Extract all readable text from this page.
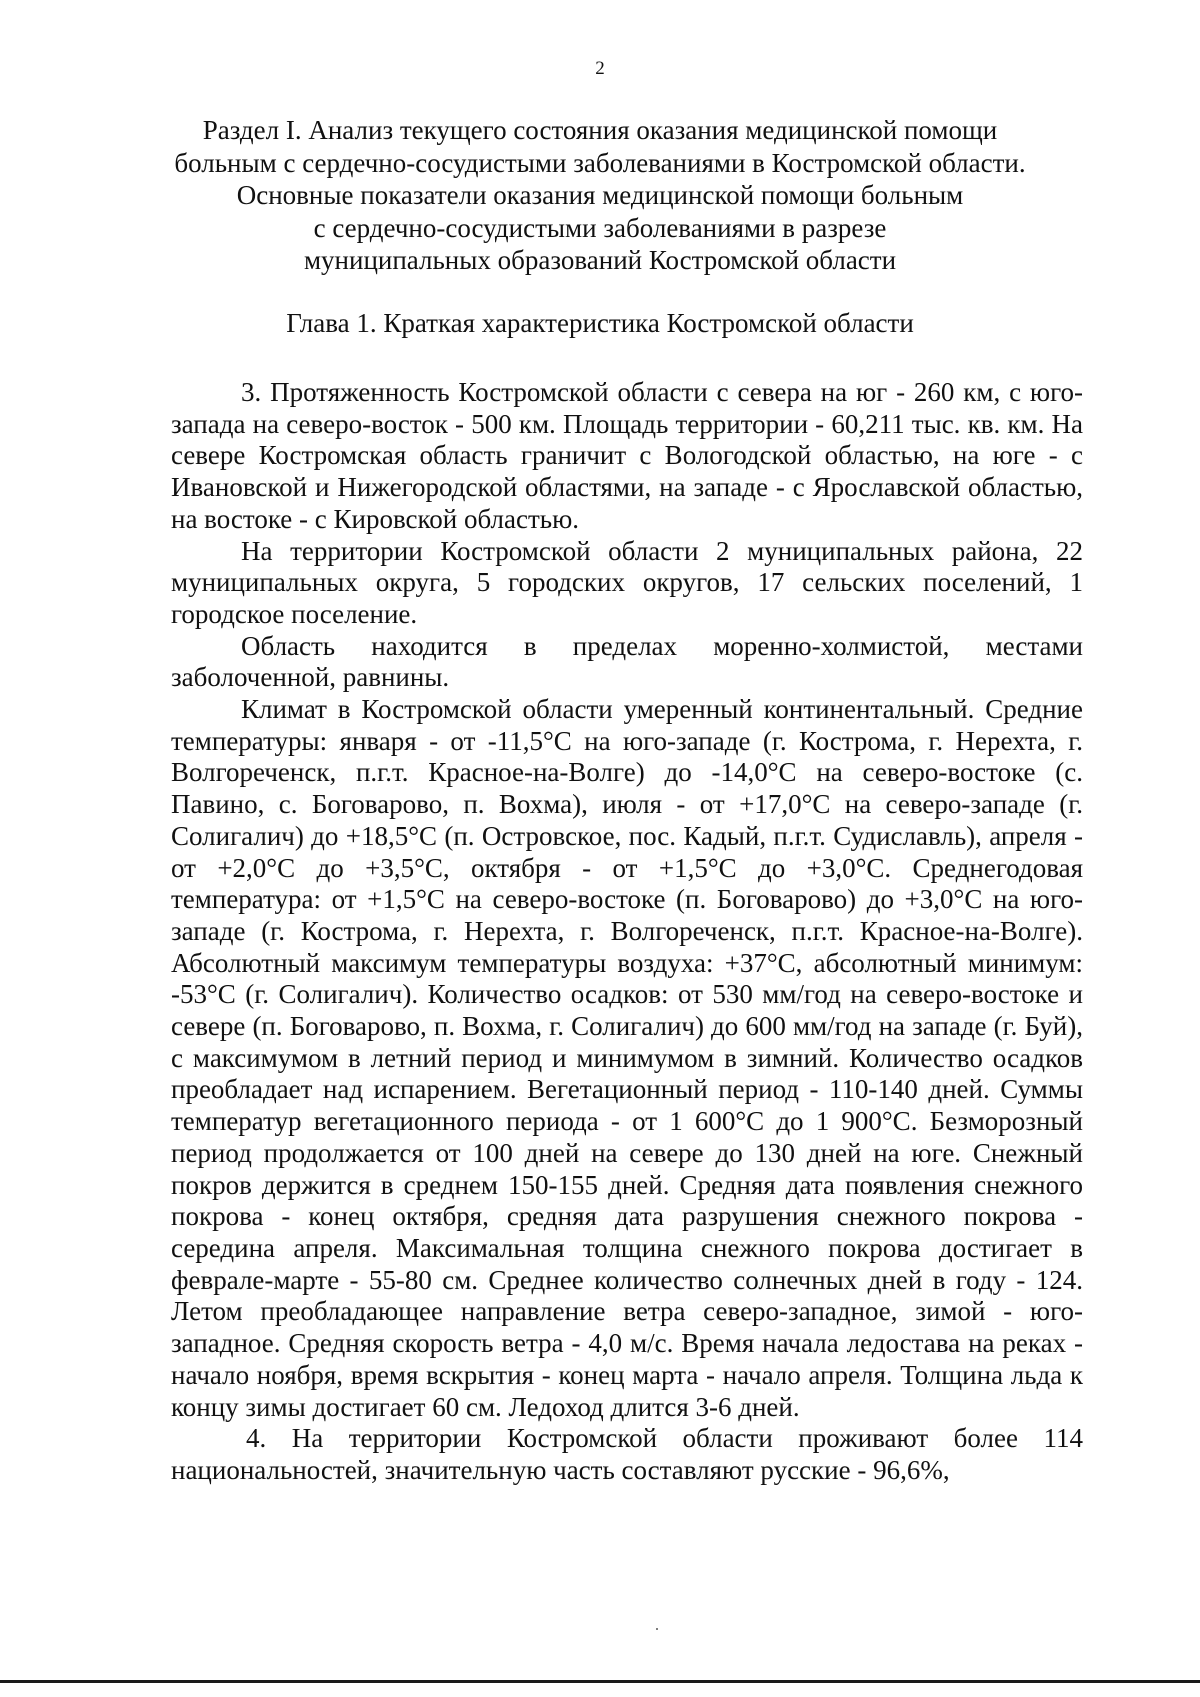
2
Раздел I. Анализ текущего состояния оказания медицинской помощи
больным с сердечно-сосудистыми заболеваниями в Костромской области.
Основные показатели оказания медицинской помощи больным
с сердечно-сосудистыми заболеваниями в разрезе
муниципальных образований Костромской области
Глава 1. Краткая характеристика Костромской области

3. Протяженность Костромской области с севера на юг - 260 км, с юго-запада на северо-восток - 500 км. Площадь территории - 60,211 тыс. кв. км. На севере Костромская область граничит с Вологодской областью, на юге - с Ивановской и Нижегородской областями, на западе - с Ярославской областью, на востоке - с Кировской областью.

На территории Костромской области 2 муниципальных района, 22 муниципальных округа, 5 городских округов, 17 сельских поселений, 1 городское поселение.

Область находится в пределах моренно-холмистой, местами заболоченной, равнины.

Климат в Костромской области умеренный континентальный. Средние температуры: января - от -11,5°С на юго-западе (г. Кострома, г. Нерехта, г. Волгореченск, п.г.т. Красное-на-Волге) до -14,0°С на северо-востоке (с. Павино, с. Боговарово, п. Вохма), июля - от +17,0°С на северо-западе (г. Солигалич) до +18,5°С (п. Островское, пос. Кадый, п.г.т. Судиславль), апреля - от +2,0°С до +3,5°С, октября - от +1,5°С до +3,0°С. Среднегодовая температура: от +1,5°С на северо-востоке (п. Боговарово) до +3,0°С на юго-западе (г. Кострома, г. Нерехта, г. Волгореченск, п.г.т. Красное-на-Волге). Абсолютный максимум температуры воздуха: +37°С, абсолютный минимум: -53°С (г. Солигалич). Количество осадков: от 530 мм/год на северо-востоке и севере (п. Боговарово, п. Вохма, г. Солигалич) до 600 мм/год на западе (г. Буй), с максимумом в летний период и минимумом в зимний. Количество осадков преобладает над испарением. Вегетационный период - 110-140 дней. Суммы температур вегетационного периода - от 1 600°С до 1 900°С. Безморозный период продолжается от 100 дней на севере до 130 дней на юге. Снежный покров держится в среднем 150-155 дней. Средняя дата появления снежного покрова - конец октября, средняя дата разрушения снежного покрова - середина апреля. Максимальная толщина снежного покрова достигает в феврале-марте - 55-80 см. Среднее количество солнечных дней в году - 124. Летом преобладающее направление ветра северо-западное, зимой - юго-западное. Средняя скорость ветра - 4,0 м/с. Время начала ледостава на реках - начало ноября, время вскрытия - конец марта - начало апреля. Толщина льда к концу зимы достигает 60 см. Ледоход длится 3-6 дней.

4. На территории Костромской области проживают более 114 национальностей, значительную часть составляют русские - 96,6%,
